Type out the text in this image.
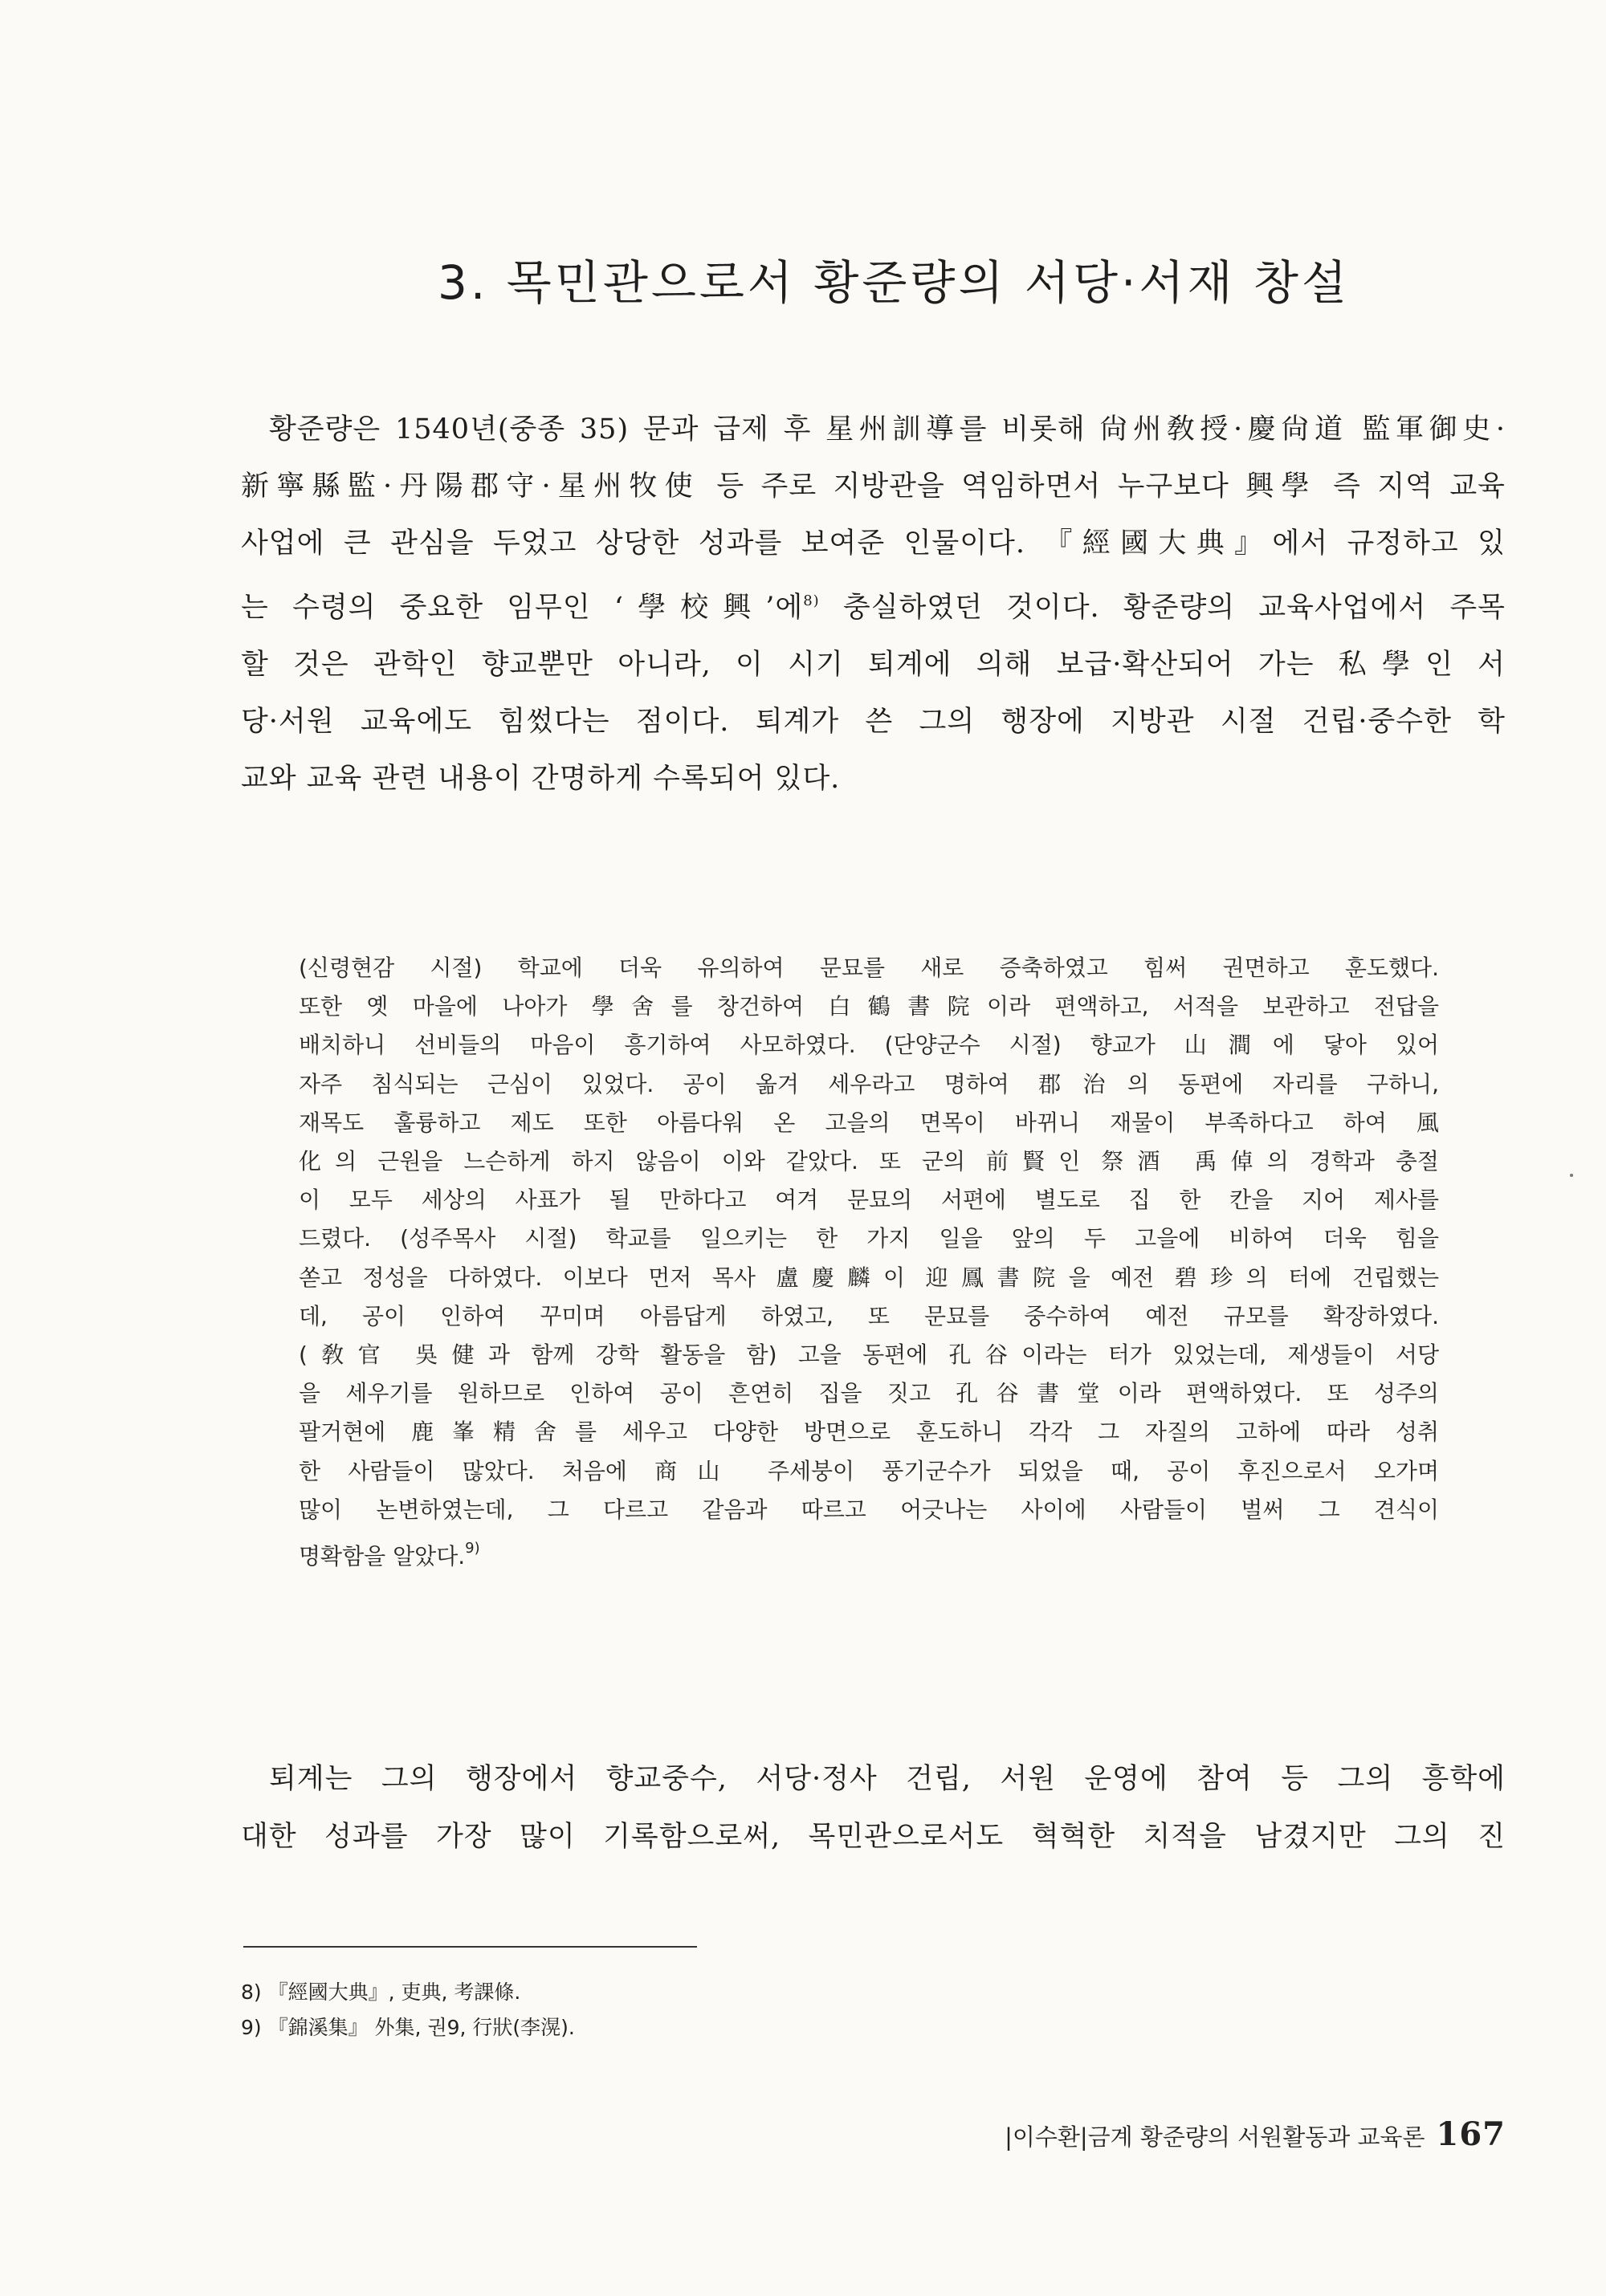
3. 목민관으로서 황준량의 서당·서재 창설
황준량은 1540년(중종 35) 문과 급제 후 星州訓導를 비롯해 尙州敎授·慶尙道 監軍御史·
新寧縣監·丹陽郡守·星州牧使 등 주로 지방관을 역임하면서 누구보다 興學 즉 지역 교육
사업에 큰 관심을 두었고 상당한 성과를 보여준 인물이다. 『經國大典』에서 규정하고 있
는 수령의 중요한 임무인 ‘學校興’에$^{8)}$ 충실하였던 것이다. 황준량의 교육사업에서 주목
할 것은 관학인 향교뿐만 아니라, 이 시기 퇴계에 의해 보급·확산되어 가는 私學인 서
당·서원 교육에도 힘썼다는 점이다. 퇴계가 쓴 그의 행장에 지방관 시절 건립·중수한 학
교와 교육 관련 내용이 간명하게 수록되어 있다.
(신령현감 시절) 학교에 더욱 유의하여 문묘를 새로 증축하였고 힘써 권면하고 훈도했다.
또한 옛 마을에 나아가 學舍를 창건하여 白鶴書院이라 편액하고, 서적을 보관하고 전답을
배치하니 선비들의 마음이 흥기하여 사모하였다. (단양군수 시절) 향교가 山澗에 닿아 있어
자주 침식되는 근심이 있었다. 공이 옮겨 세우라고 명하여 郡治의 동편에 자리를 구하니,
재목도 훌륭하고 제도 또한 아름다워 온 고을의 면목이 바뀌니 재물이 부족하다고 하여 風
化의 근원을 느슨하게 하지 않음이 이와 같았다. 또 군의 前賢인 祭酒 禹倬의 경학과 충절
이 모두 세상의 사표가 될 만하다고 여겨 문묘의 서편에 별도로 집 한 칸을 지어 제사를
드렸다. (성주목사 시절) 학교를 일으키는 한 가지 일을 앞의 두 고을에 비하여 더욱 힘을
쏟고 정성을 다하였다. 이보다 먼저 목사 盧慶麟이 迎鳳書院을 예전 碧珍의 터에 건립했는
데, 공이 인하여 꾸미며 아름답게 하였고, 또 문묘를 중수하여 예전 규모를 확장하였다.
(敎官 吳健과 함께 강학 활동을 함) 고을 동편에 孔谷이라는 터가 있었는데, 제생들이 서당
을 세우기를 원하므로 인하여 공이 흔연히 집을 짓고 孔谷書堂이라 편액하였다. 또 성주의
팔거현에 鹿峯精舍를 세우고 다양한 방면으로 훈도하니 각각 그 자질의 고하에 따라 성취
한 사람들이 많았다. 처음에 商山 주세붕이 풍기군수가 되었을 때, 공이 후진으로서 오가며
많이 논변하였는데, 그 다르고 같음과 따르고 어긋나는 사이에 사람들이 벌써 그 견식이
명확함을 알았다.$^{9)}$
퇴계는 그의 행장에서 향교중수, 서당·정사 건립, 서원 운영에 참여 등 그의 흥학에
대한 성과를 가장 많이 기록함으로써, 목민관으로서도 혁혁한 치적을 남겼지만 그의 진
8) 『經國大典』, 吏典, 考課條.
9) 『錦溪集』 外集, 권9, 行狀(李滉).
|이수환|금계 황준량의 서원활동과 교육론 167
